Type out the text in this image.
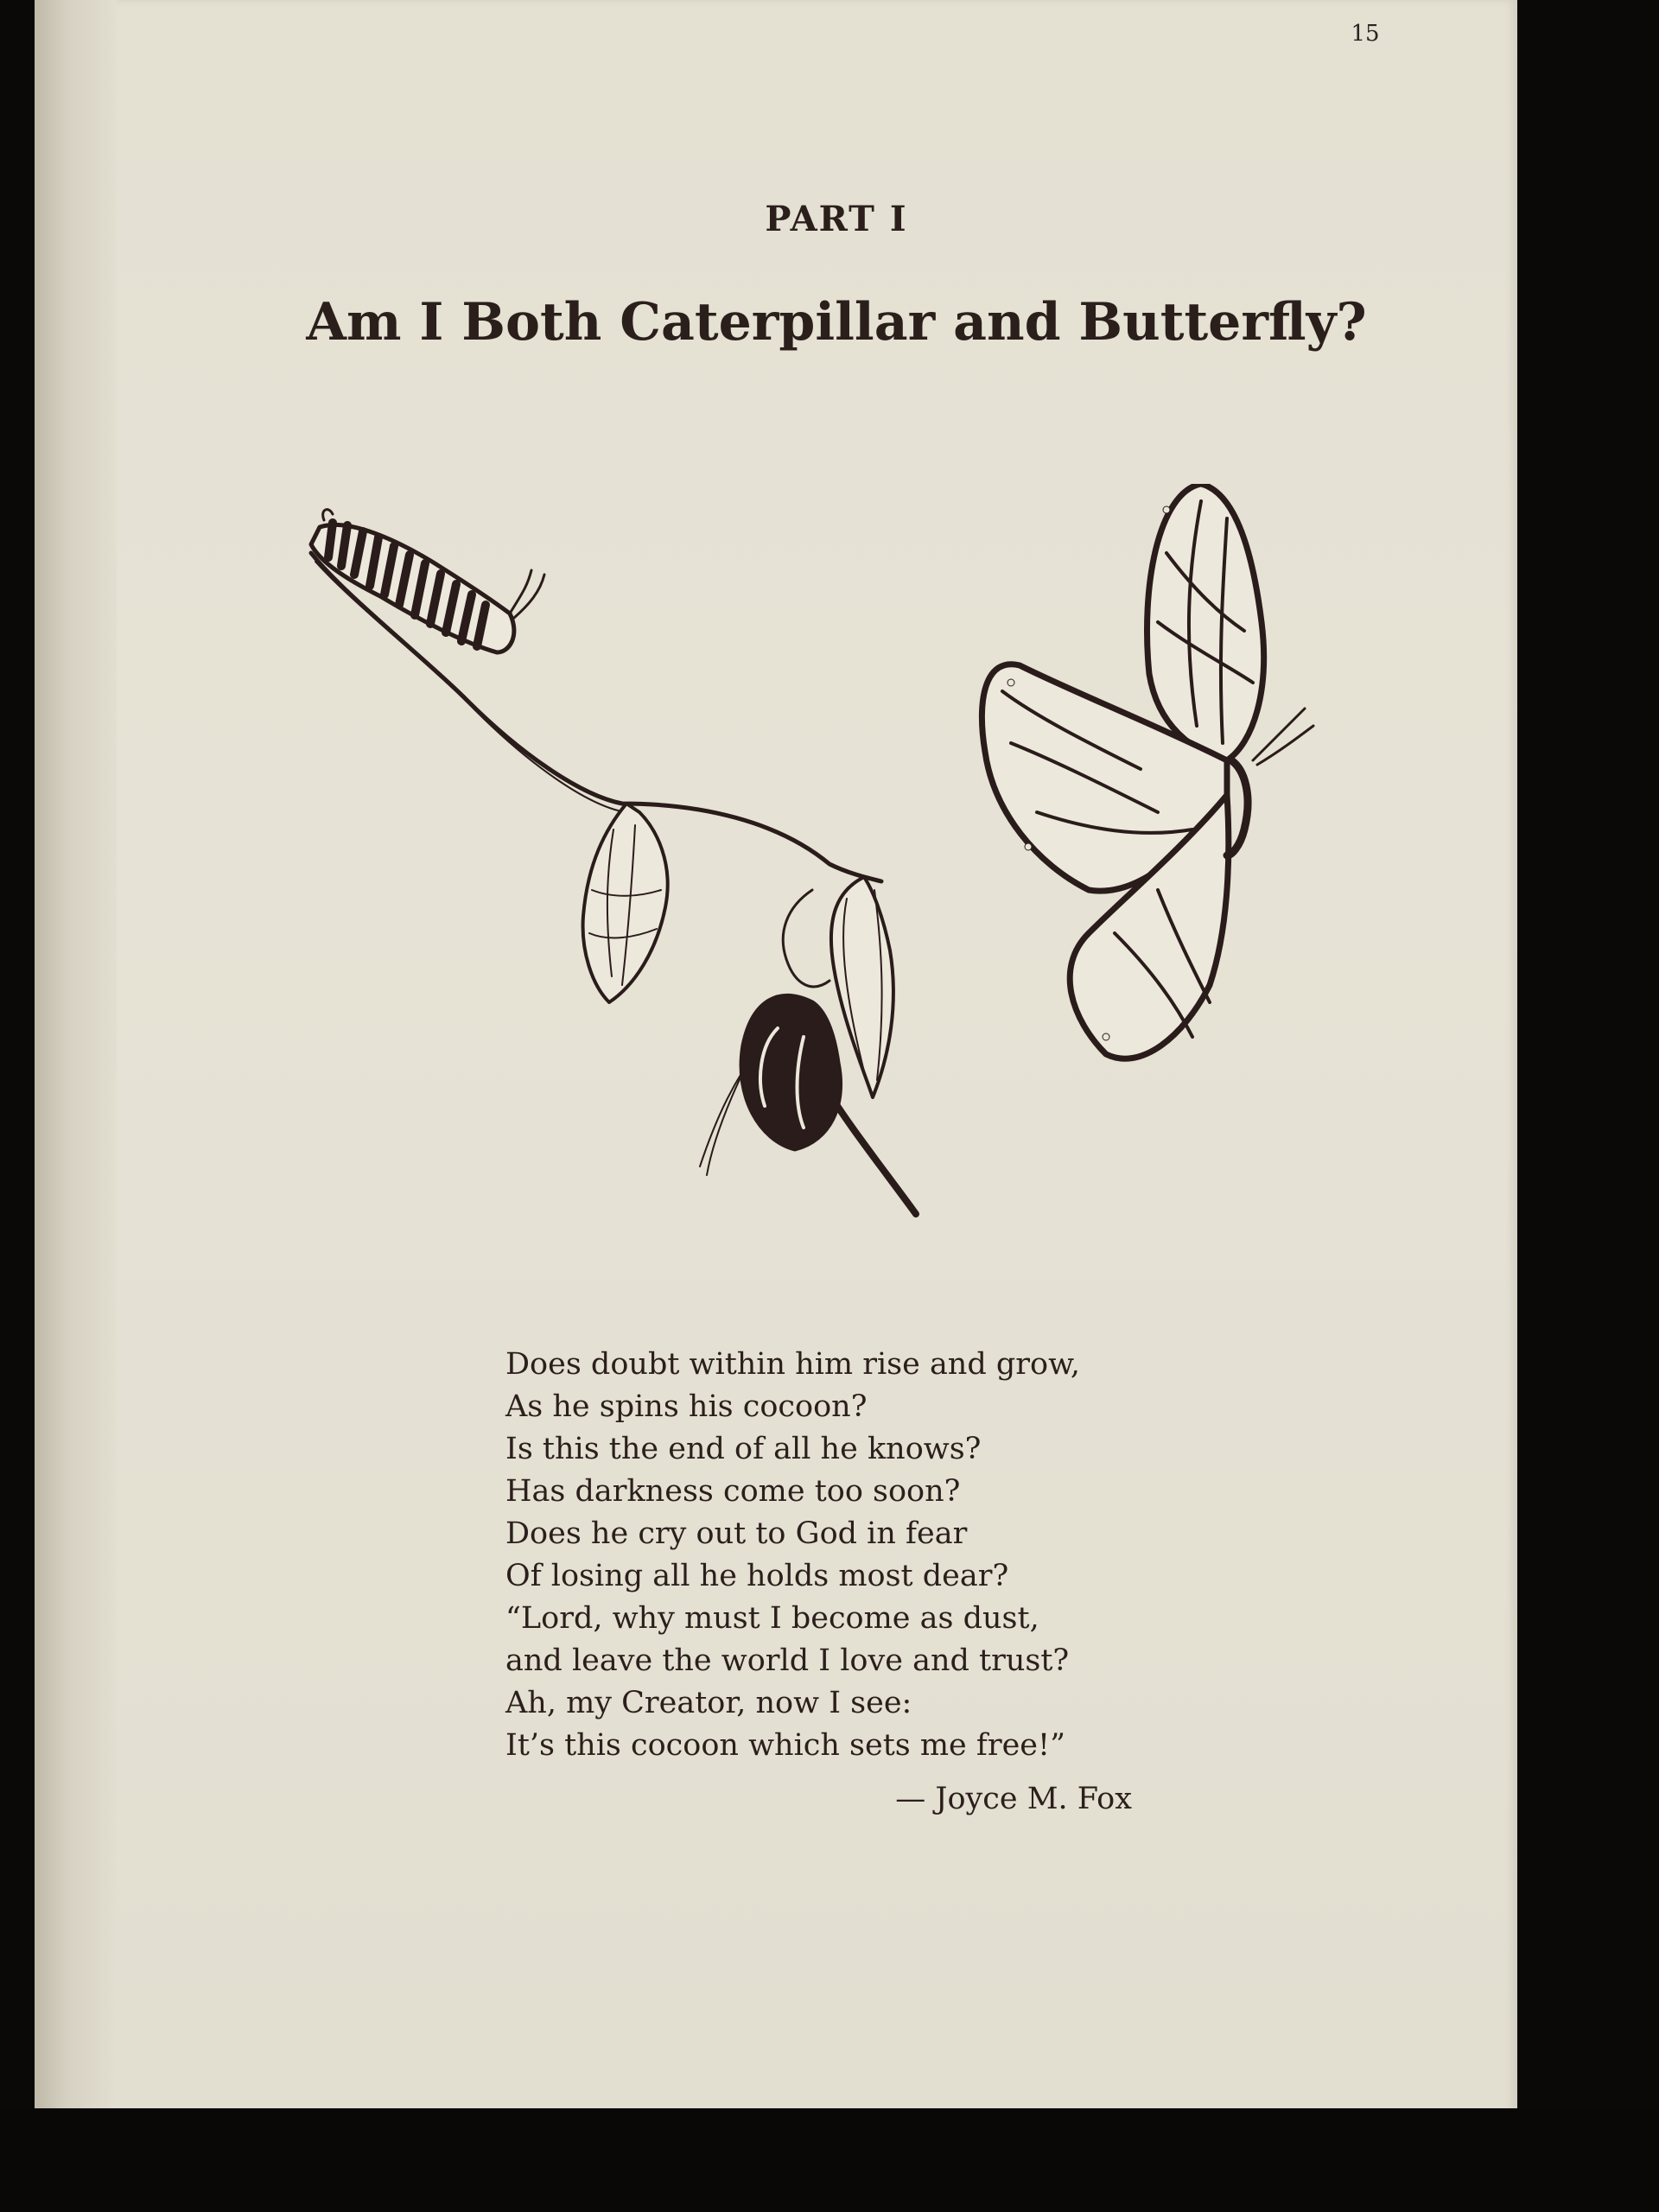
15
PART I
Am I Both Caterpillar and Butterfly?
Does doubt within him rise and grow,
As he spins his cocoon?
Is this the end of all he knows?
Has darkness come too soon?
Does he cry out to God in fear
Of losing all he holds most dear?
“Lord, why must I become as dust,
and leave the world I love and trust?
Ah, my Creator, now I see:
It’s this cocoon which sets me free!”
— Joyce M. Fox
